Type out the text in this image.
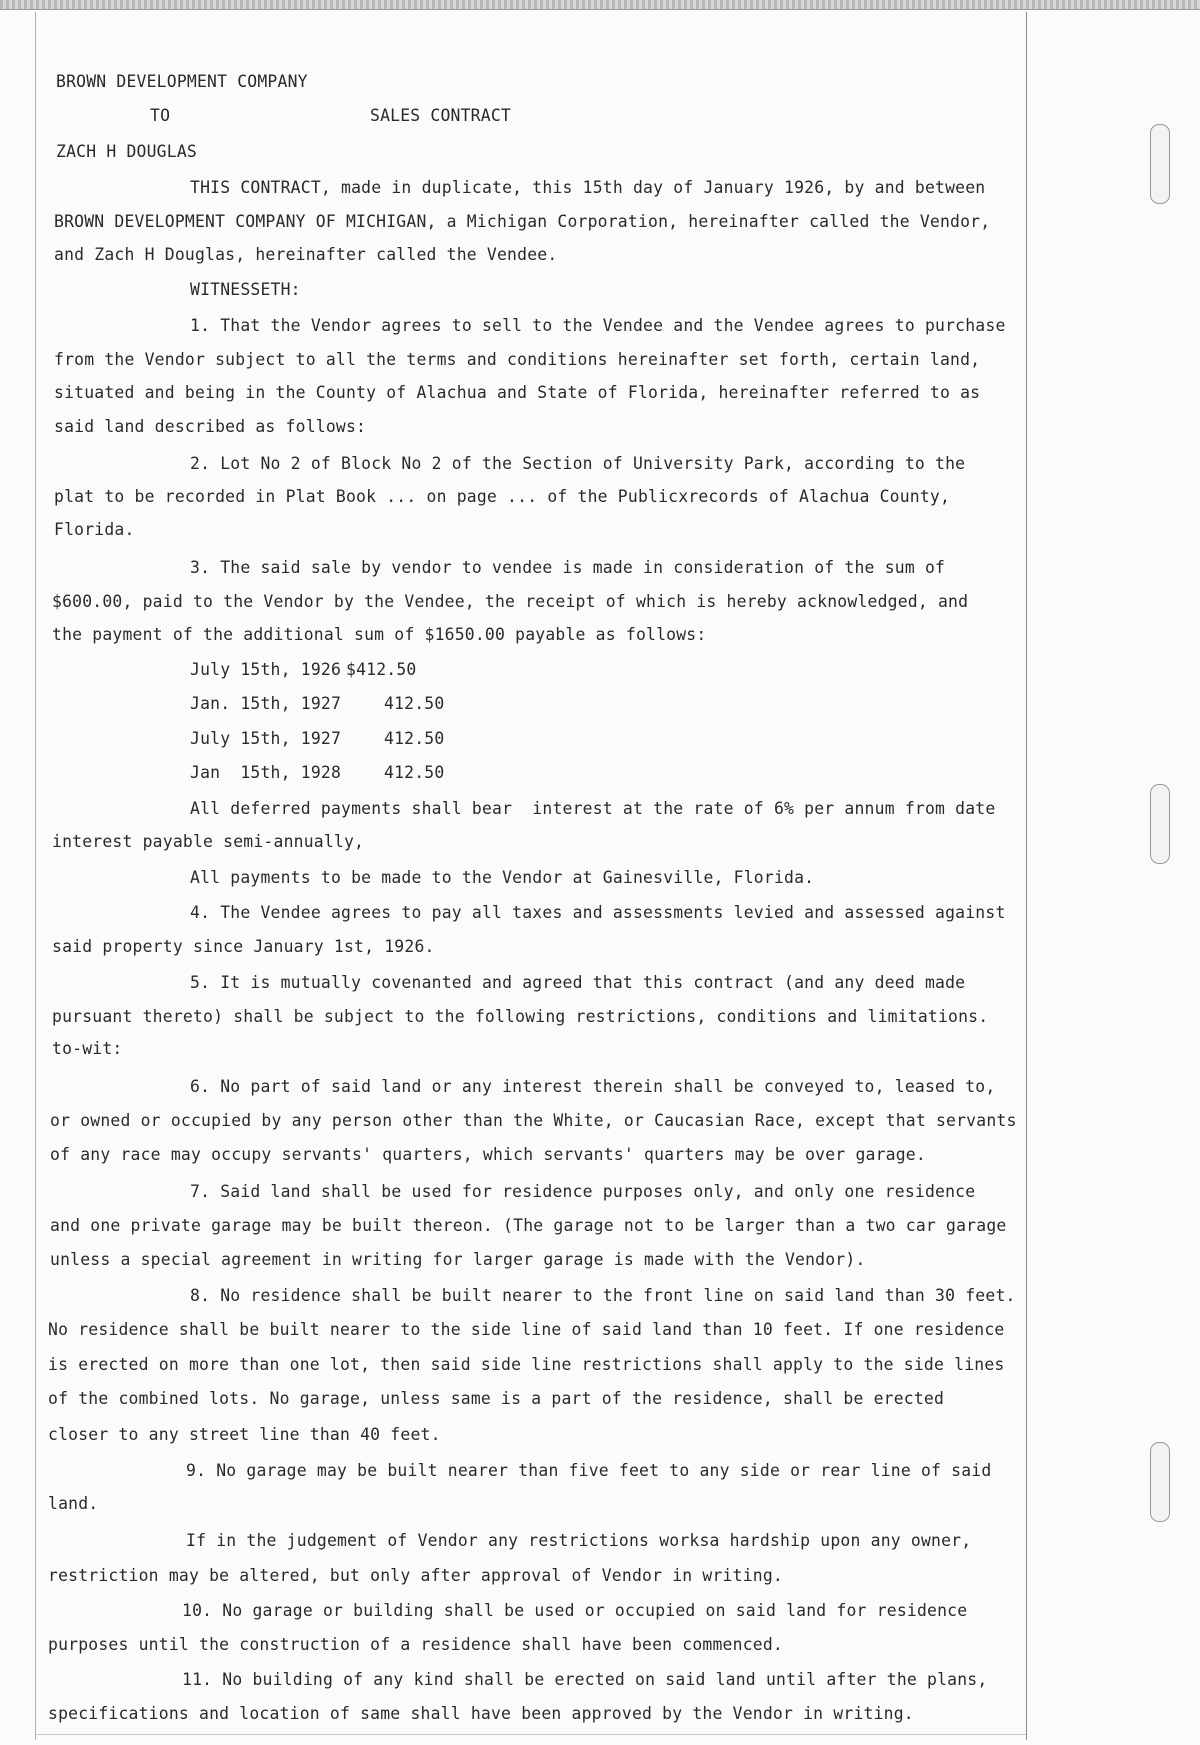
BROWN DEVELOPMENT COMPANY
TO	SALES CONTRACT
ZACH H DOUGLAS
THIS CONTRACT, made in duplicate, this 15th day of January 1926, by and between
BROWN DEVELOPMENT COMPANY OF MICHIGAN, a Michigan Corporation, hereinafter called the Vendor,
and Zach H Douglas, hereinafter called the Vendee.
WITNESSETH:
1. That the Vendor agrees to sell to the Vendee and the Vendee agrees to purchase
from the Vendor subject to all the terms and conditions hereinafter set forth, certain land,
situated and being in the County of Alachua and State of Florida, hereinafter referred to as
said land described as follows:
2. Lot No 2 of Block No 2 of the Section of University Park, according to the
plat to be recorded in Plat Book ... on page ... of the Publicxrecords of Alachua County,
Florida.
3. The said sale by vendor to vendee is made in consideration of the sum of
$600.00, paid to the Vendor by the Vendee, the receipt of which is hereby acknowledged, and
the payment of the additional sum of $1650.00 payable as follows:
July 15th, 1926 $412.50
Jan. 15th, 1927	412.50
July 15th, 1927	412.50
Jan  15th, 1928	412.50
All deferred payments shall bear  interest at the rate of 6% per annum from date
interest payable semi-annually,
All payments to be made to the Vendor at Gainesville, Florida.
4. The Vendee agrees to pay all taxes and assessments levied and assessed against
said property since January 1st, 1926.
5. It is mutually covenanted and agreed that this contract (and any deed made
pursuant thereto) shall be subject to the following restrictions, conditions and limitations.
to-wit:
6. No part of said land or any interest therein shall be conveyed to, leased to,
or owned or occupied by any person other than the White, or Caucasian Race, except that servants
of any race may occupy servants' quarters, which servants' quarters may be over garage.
7. Said land shall be used for residence purposes only, and only one residence
and one private garage may be built thereon. (The garage not to be larger than a two car garage
unless a special agreement in writing for larger garage is made with the Vendor).
8. No residence shall be built nearer to the front line on said land than 30 feet.
No residence shall be built nearer to the side line of said land than 10 feet. If one residence
is erected on more than one lot, then said side line restrictions shall apply to the side lines
of the combined lots. No garage, unless same is a part of the residence, shall be erected
closer to any street line than 40 feet.
9. No garage may be built nearer than five feet to any side or rear line of said
land.
If in the judgement of Vendor any restrictions worksa hardship upon any owner,
restriction may be altered, but only after approval of Vendor in writing.
10. No garage or building shall be used or occupied on said land for residence
purposes until the construction of a residence shall have been commenced.
11. No building of any kind shall be erected on said land until after the plans,
specifications and location of same shall have been approved by the Vendor in writing.
